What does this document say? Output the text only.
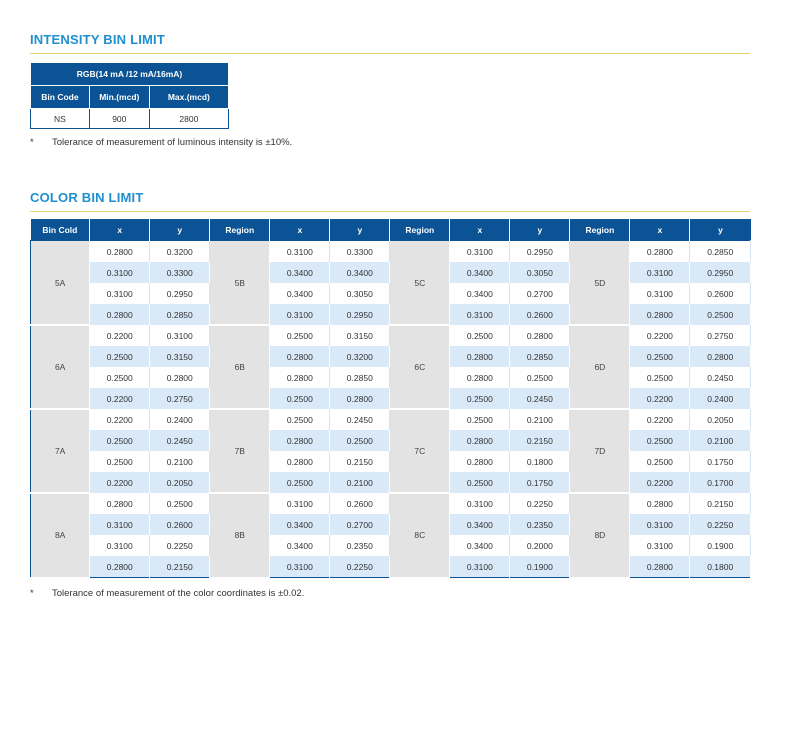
INTENSITY BIN LIMIT
RGB(14 mA /12 mA/16mA)		
Bin Code	Min.(mcd)	Max.(mcd)
NS	900	2800
* Tolerance of measurement of luminous intensity is ±10%.
COLOR BIN LIMIT
Bin Cold	x	y	Region	x	y	Region	x	y	Region	x	y
5A	0.2800	0.3200	5B	0.3100	0.3300	5C	0.3100	0.2950	5D	0.2800	0.2850
	0.3100	0.3300		0.3400	0.3400		0.3400	0.3050		0.3100	0.2950
	0.3100	0.2950		0.3400	0.3050		0.3400	0.2700		0.3100	0.2600
	0.2800	0.2850		0.3100	0.2950		0.3100	0.2600		0.2800	0.2500
6A	0.2200	0.3100	6B	0.2500	0.3150	6C	0.2500	0.2800	6D	0.2200	0.2750
	0.2500	0.3150		0.2800	0.3200		0.2800	0.2850		0.2500	0.2800
	0.2500	0.2800		0.2800	0.2850		0.2800	0.2500		0.2500	0.2450
	0.2200	0.2750		0.2500	0.2800		0.2500	0.2450		0.2200	0.2400
7A	0.2200	0.2400	7B	0.2500	0.2450	7C	0.2500	0.2100	7D	0.2200	0.2050
	0.2500	0.2450		0.2800	0.2500		0.2800	0.2150		0.2500	0.2100
	0.2500	0.2100		0.2800	0.2150		0.2800	0.1800		0.2500	0.1750
	0.2200	0.2050		0.2500	0.2100		0.2500	0.1750		0.2200	0.1700
8A	0.2800	0.2500	8B	0.3100	0.2600	8C	0.3100	0.2250	8D	0.2800	0.2150
	0.3100	0.2600		0.3400	0.2700		0.3400	0.2350		0.3100	0.2250
	0.3100	0.2250		0.3400	0.2350		0.3400	0.2000		0.3100	0.1900
	0.2800	0.2150		0.3100	0.2250		0.3100	0.1900		0.2800	0.1800
* Tolerance of measurement of the color coordinates is ±0.02.
